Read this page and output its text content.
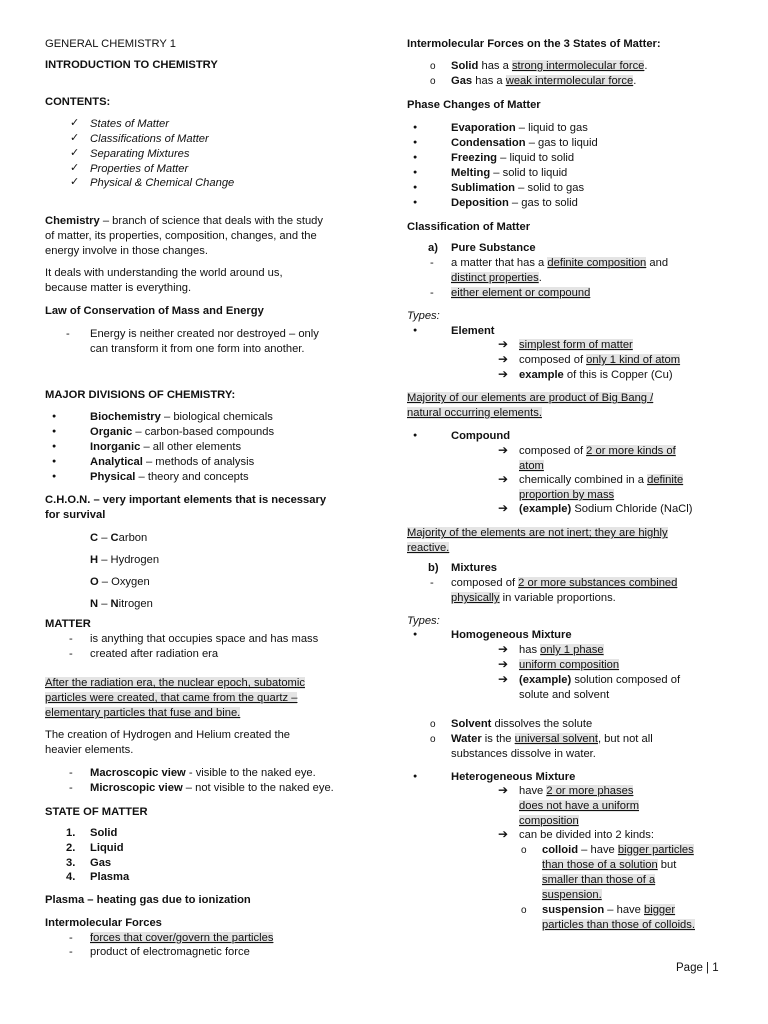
GENERAL CHEMISTRY 1
INTRODUCTION TO CHEMISTRY
CONTENTS:
✓ States of Matter
✓ Classifications of Matter
✓ Separating Mixtures
✓ Properties of Matter
✓ Physical & Chemical Change
Chemistry – branch of science that deals with the study
of matter, its properties, composition, changes, and the
energy involve in those changes.
It deals with understanding the world around us,
because matter is everything.
Law of Conservation of Mass and Energy
- Energy is neither created nor destroyed – only
can transform it from one form into another.
MAJOR DIVISIONS OF CHEMISTRY:
Biochemistry – biological chemicals
Organic – carbon-based compounds
Inorganic – all other elements
Analytical – methods of analysis
Physical – theory and concepts
C.H.O.N. – very important elements that is necessary
for survival
C – Carbon
H – Hydrogen
O – Oxygen
N – Nitrogen
MATTER
- is anything that occupies space and has mass
- created after radiation era
After the radiation era, the nuclear epoch, subatomic
particles were created, that came from the quartz –
elementary particles that fuse and bine.
The creation of Hydrogen and Helium created the
heavier elements.
- Macroscopic view - visible to the naked eye.
- Microscopic view – not visible to the naked eye.
STATE OF MATTER
1. Solid
2. Liquid
3. Gas
4. Plasma
Plasma – heating gas due to ionization
Intermolecular Forces
- forces that cover/govern the particles
- product of electromagnetic force
Intermolecular Forces on the 3 States of Matter:
o Solid has a strong intermolecular force.
o Gas has a weak intermolecular force.
Phase Changes of Matter
Evaporation – liquid to gas
Condensation – gas to liquid
Freezing – liquid to solid
Melting – solid to liquid
Sublimation – solid to gas
Deposition – gas to solid
Classification of Matter
a) Pure Substance
- a matter that has a definite composition and
distinct properties.
- either element or compound
Types:
Element
➔ simplest form of matter
➔ composed of only 1 kind of atom
➔ example of this is Copper (Cu)
Majority of our elements are product of Big Bang /
natural occurring elements.
Compound
➔ composed of 2 or more kinds of
atom
➔ chemically combined in a definite
proportion by mass
➔ (example) Sodium Chloride (NaCl)
Majority of the elements are not inert; they are highly
reactive.
b) Mixtures
- composed of 2 or more substances combined
physically in variable proportions.
Types:
Homogeneous Mixture
➔ has only 1 phase
➔ uniform composition
➔ (example) solution composed of
solute and solvent
o Solvent dissolves the solute
o Water is the universal solvent, but not all
substances dissolve in water.
Heterogeneous Mixture
➔ have 2 or more phases
does not have a uniform
composition
➔ can be divided into 2 kinds:
o colloid – have bigger particles
than those of a solution but
smaller than those of a
suspension.
o suspension – have bigger
particles than those of colloids.
Page | 1
